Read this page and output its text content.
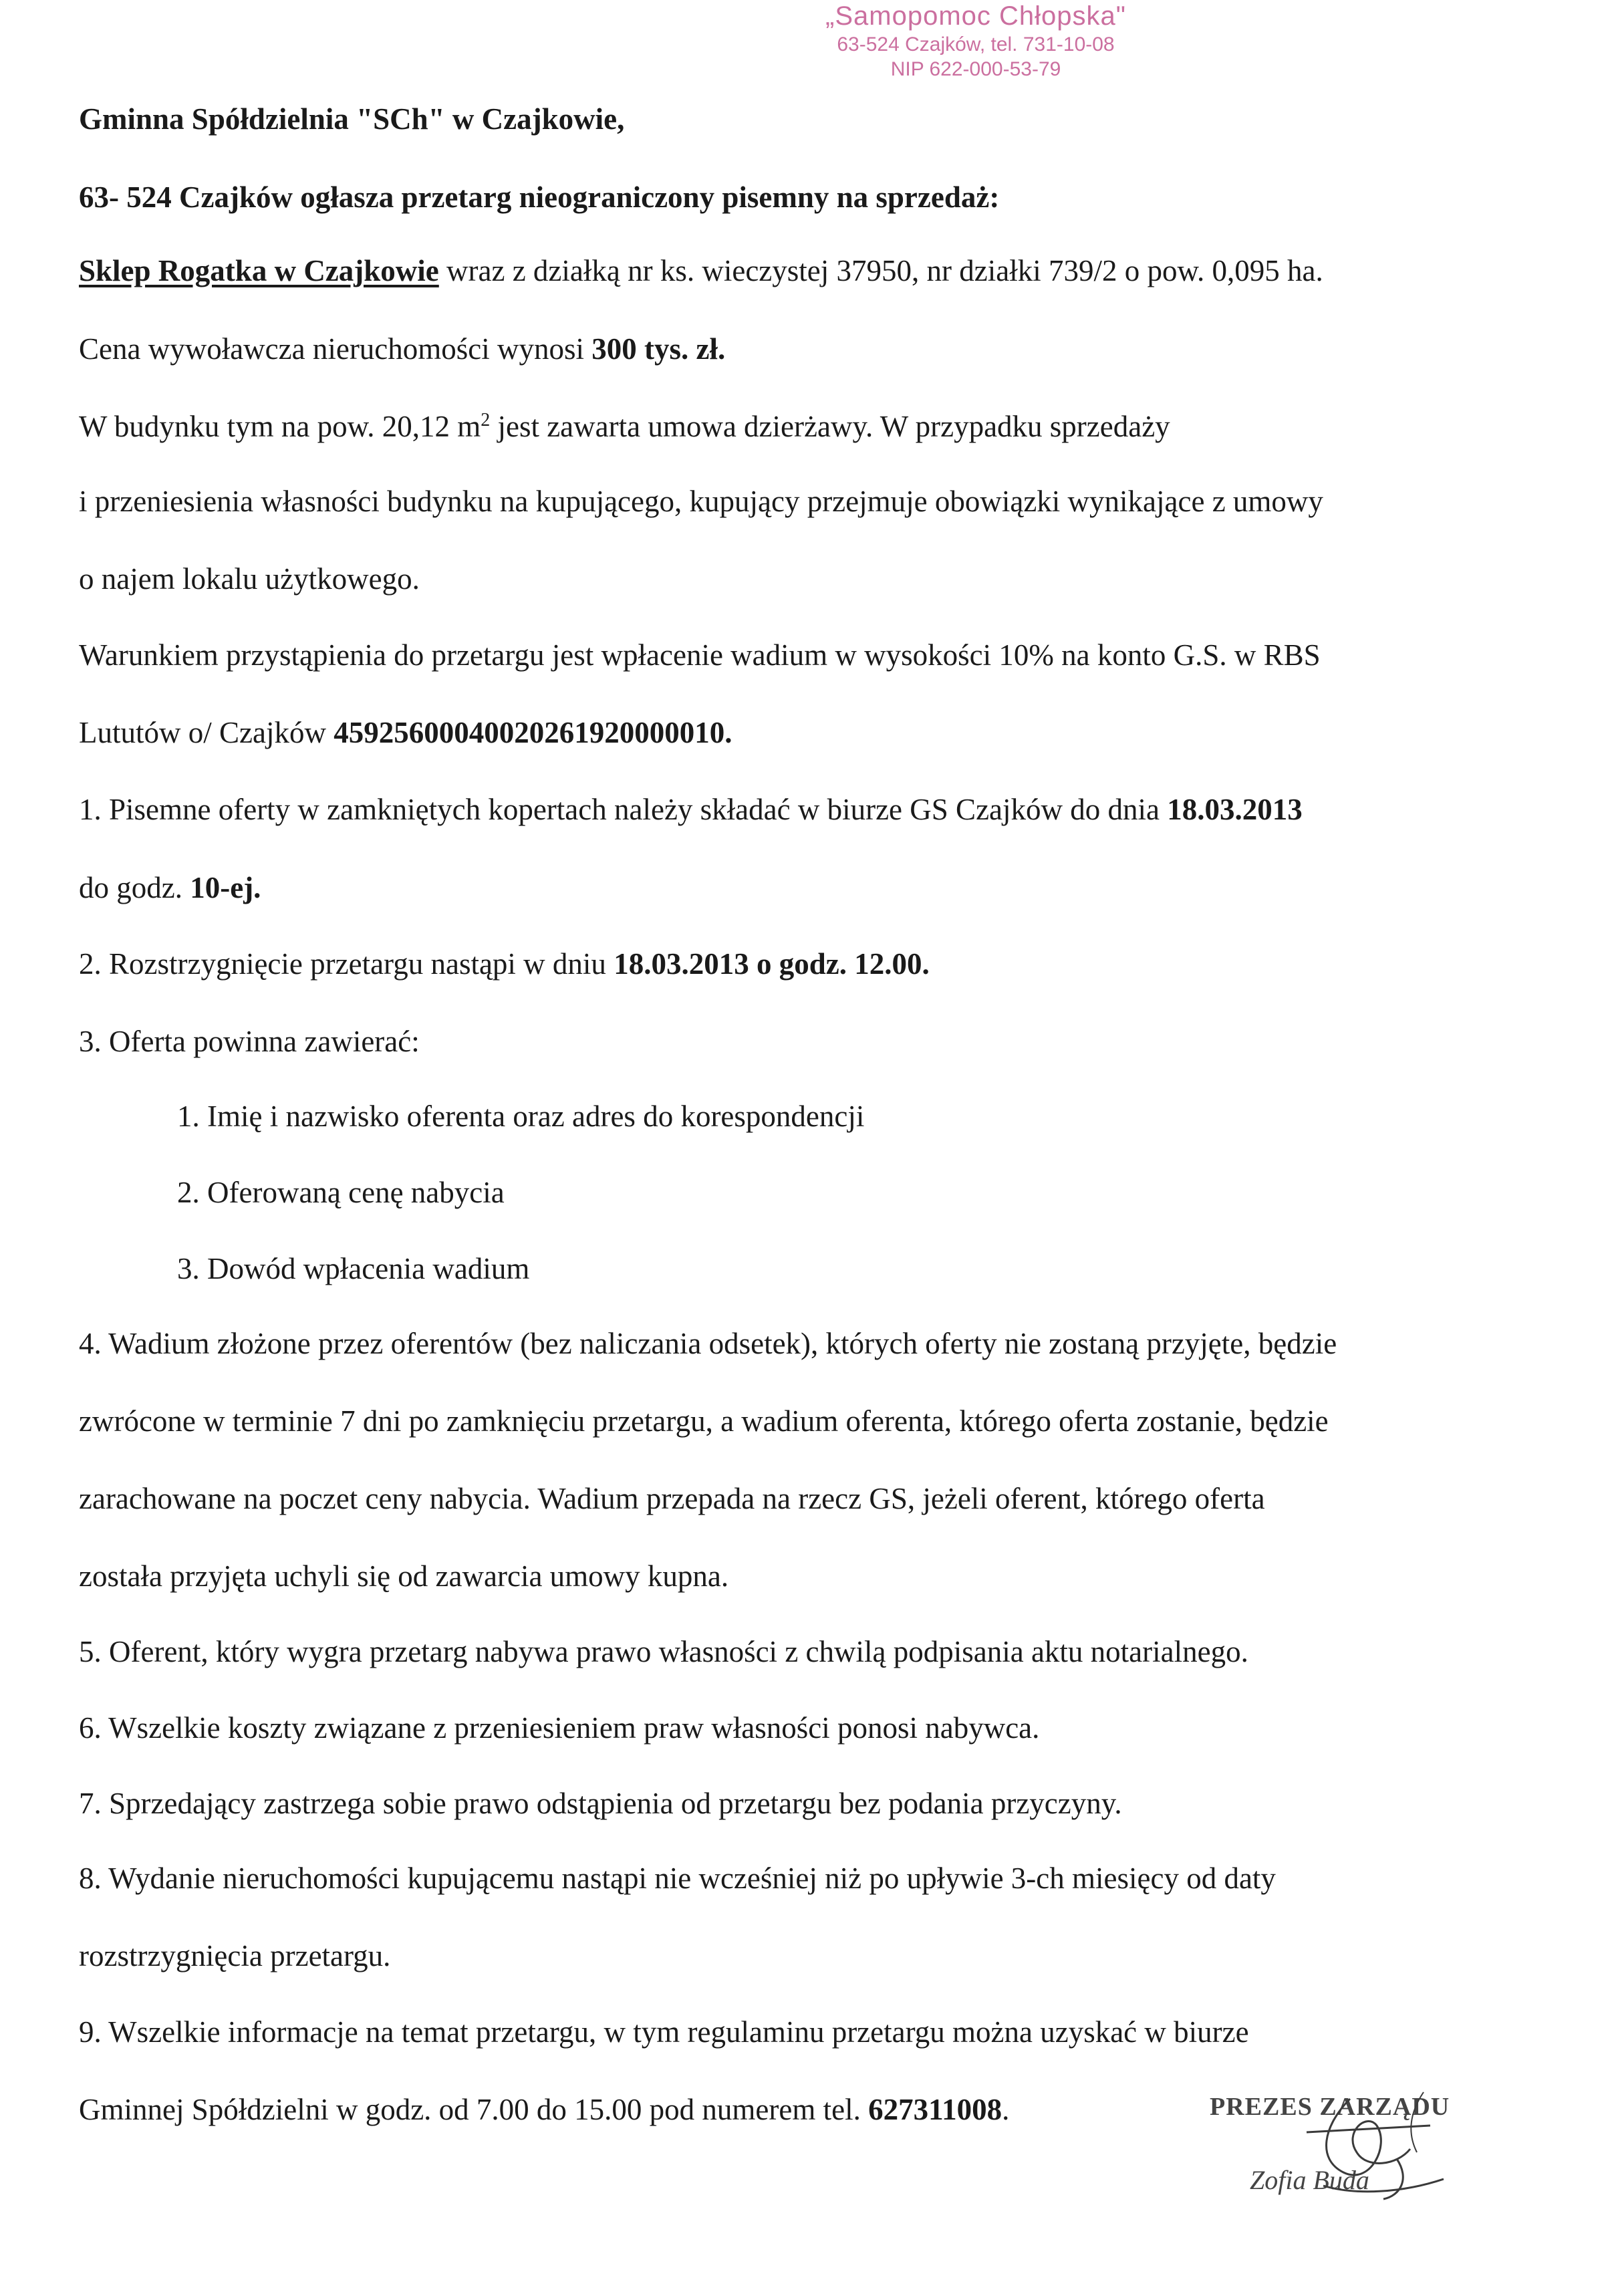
„Samopomoc Chłopska"
63-524 Czajków, tel. 731-10-08
NIP 622-000-53-79
Gminna Spółdzielnia "SCh" w Czajkowie,
63- 524 Czajków ogłasza przetarg nieograniczony pisemny na sprzedaż:
Sklep Rogatka w Czajkowie wraz z działką nr ks. wieczystej 37950, nr działki 739/2 o pow. 0,095 ha.
Cena wywoławcza nieruchomości wynosi 300 tys. zł.
W budynku tym na pow. 20,12 $m^2$ jest zawarta umowa dzierżawy. W przypadku sprzedaży
i przeniesienia własności budynku na kupującego, kupujący przejmuje obowiązki wynikające z umowy
o najem lokalu użytkowego.
Warunkiem przystąpienia do przetargu jest wpłacenie wadium w wysokości 10% na konto G.S. w RBS
Lututów o/ Czajków 45925600040020261920000010.
1. Pisemne oferty w zamkniętych kopertach należy składać w biurze GS Czajków do dnia 18.03.2013
do godz. 10-ej.
2. Rozstrzygnięcie przetargu nastąpi w dniu 18.03.2013 o godz. 12.00.
3. Oferta powinna zawierać:
1. Imię i nazwisko oferenta oraz adres do korespondencji
2. Oferowaną cenę nabycia
3. Dowód wpłacenia wadium
4. Wadium złożone przez oferentów (bez naliczania odsetek), których oferty nie zostaną przyjęte, będzie
zwrócone w terminie 7 dni po zamknięciu przetargu, a wadium oferenta, którego oferta zostanie, będzie
zarachowane na poczet ceny nabycia. Wadium przepada na rzecz GS, jeżeli oferent, którego oferta
została przyjęta uchyli się od zawarcia umowy kupna.
5. Oferent, który wygra przetarg nabywa prawo własności z chwilą podpisania aktu notarialnego.
6. Wszelkie koszty związane z przeniesieniem praw własności ponosi nabywca.
7. Sprzedający zastrzega sobie prawo odstąpienia od przetargu bez podania przyczyny.
8. Wydanie nieruchomości kupującemu nastąpi nie wcześniej niż po upływie 3-ch miesięcy od daty
rozstrzygnięcia przetargu.
9. Wszelkie informacje na temat przetargu, w tym regulaminu przetargu można uzyskać w biurze
Gminnej Spółdzielni w godz. od 7.00 do 15.00 pod numerem tel. 627311008.	PREZES ZARZĄDU
Zofia Buda
